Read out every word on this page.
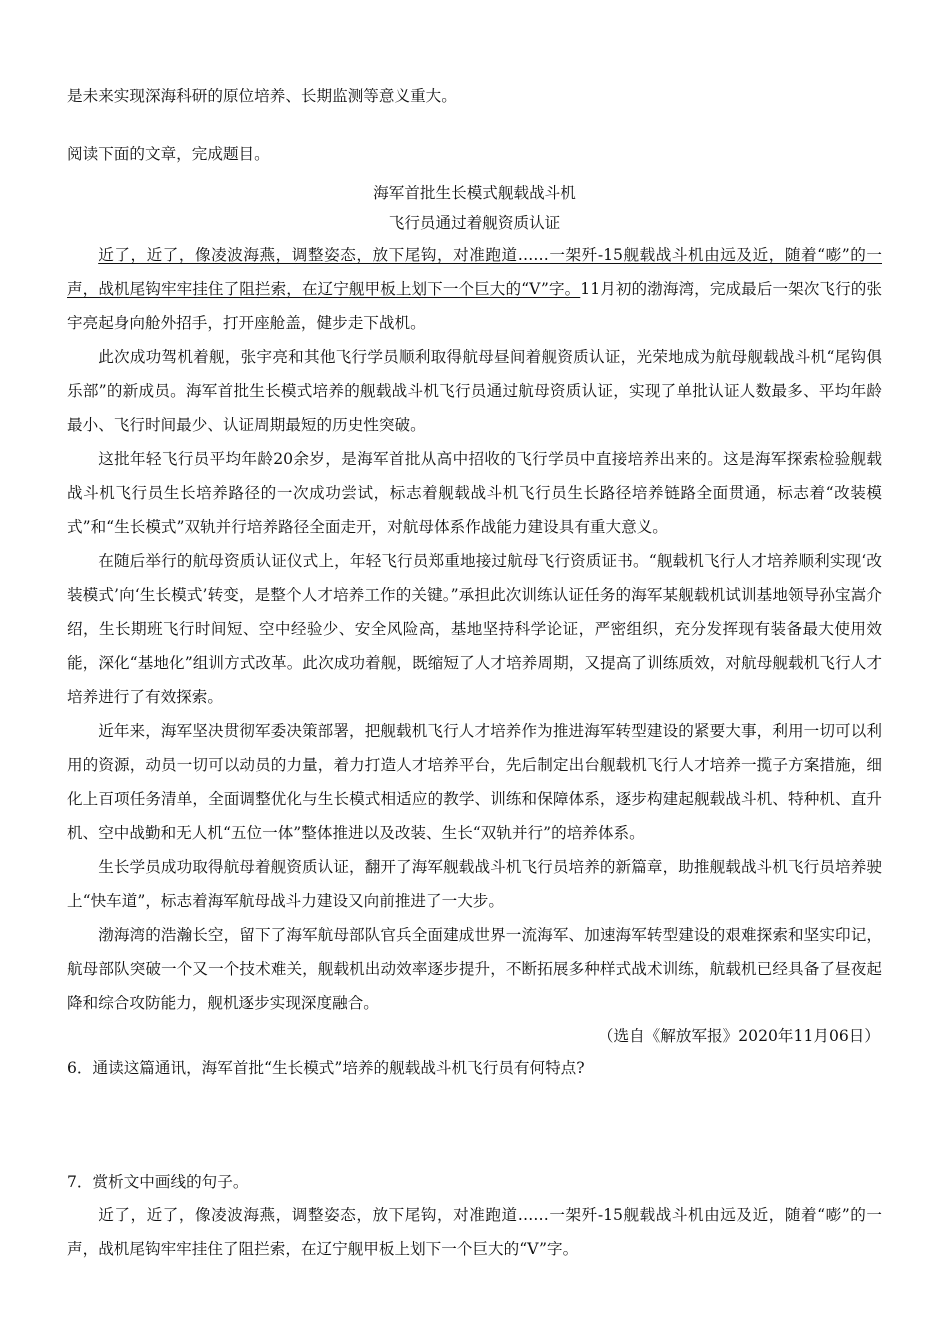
是未来实现深海科研的原位培养、长期监测等意义重大。
阅读下面的文章，完成题目。
海军首批生长模式舰载战斗机
飞行员通过着舰资质认证

近了，近了，像凌波海燕，调整姿态，放下尾钩，对准跑道……一架歼-15舰载战斗机由远及近，随着“嘭”的一声，战机尾钩牢牢挂住了阻拦索，在辽宁舰甲板上划下一个巨大的“V”字。11月初的渤海湾，完成最后一架次飞行的张宇亮起身向舱外招手，打开座舱盖，健步走下战机。

此次成功驾机着舰，张宇亮和其他飞行学员顺利取得航母昼间着舰资质认证，光荣地成为航母舰载战斗机“尾钩俱乐部”的新成员。海军首批生长模式培养的舰载战斗机飞行员通过航母资质认证，实现了单批认证人数最多、平均年龄最小、飞行时间最少、认证周期最短的历史性突破。

这批年轻飞行员平均年龄20余岁，是海军首批从高中招收的飞行学员中直接培养出来的。这是海军探索检验舰载战斗机飞行员生长培养路径的一次成功尝试，标志着舰载战斗机飞行员生长路径培养链路全面贯通，标志着“改装模式”和“生长模式”双轨并行培养路径全面走开，对航母体系作战能力建设具有重大意义。

在随后举行的航母资质认证仪式上，年轻飞行员郑重地接过航母飞行资质证书。“舰载机飞行人才培养顺利实现‘改装模式’向‘生长模式’转变，是整个人才培养工作的关键。”承担此次训练认证任务的海军某舰载机试训基地领导孙宝嵩介绍，生长期班飞行时间短、空中经验少、安全风险高，基地坚持科学论证，严密组织，充分发挥现有装备最大使用效能，深化“基地化”组训方式改革。此次成功着舰，既缩短了人才培养周期，又提高了训练质效，对航母舰载机飞行人才培养进行了有效探索。

近年来，海军坚决贯彻军委决策部署，把舰载机飞行人才培养作为推进海军转型建设的紧要大事，利用一切可以利用的资源，动员一切可以动员的力量，着力打造人才培养平台，先后制定出台舰载机飞行人才培养一揽子方案措施，细化上百项任务清单，全面调整优化与生长模式相适应的教学、训练和保障体系，逐步构建起舰载战斗机、特种机、直升机、空中战勤和无人机“五位一体”整体推进以及改装、生长“双轨并行”的培养体系。

生长学员成功取得航母着舰资质认证，翻开了海军舰载战斗机飞行员培养的新篇章，助推舰载战斗机飞行员培养驶上“快车道”，标志着海军航母战斗力建设又向前推进了一大步。

渤海湾的浩瀚长空，留下了海军航母部队官兵全面建成世界一流海军、加速海军转型建设的艰难探索和坚实印记，航母部队突破一个又一个技术难关，舰载机出动效率逐步提升，不断拓展多种样式战术训练，航载机已经具备了昼夜起降和综合攻防能力，舰机逐步实现深度融合。

（选自《解放军报》2020年11月06日）
6．通读这篇通讯，海军首批“生长模式”培养的舰载战斗机飞行员有何特点?
7．赏析文中画线的句子。

近了，近了，像凌波海燕，调整姿态，放下尾钩，对准跑道……一架歼-15舰载战斗机由远及近，随着“嘭”的一声，战机尾钩牢牢挂住了阻拦索，在辽宁舰甲板上划下一个巨大的“V”字。
